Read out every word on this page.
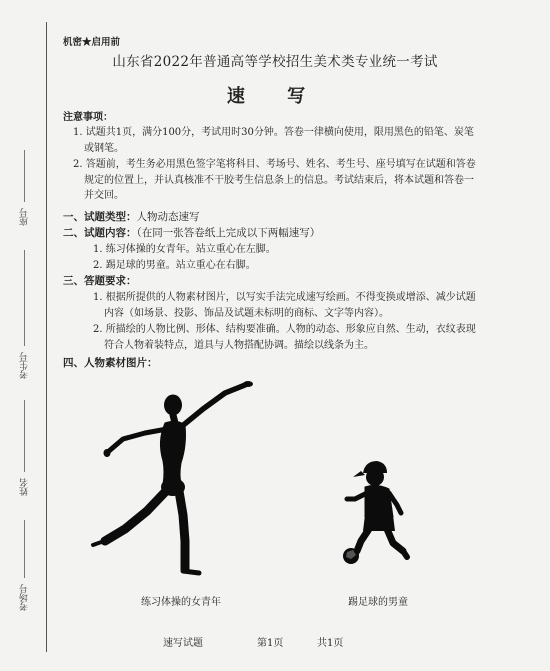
座号
考生号
姓名
考场号
机密★启用前
山东省2022年普通高等学校招生美术类专业统一考试
速 写
注意事项：
1. 试题共1页，满分100分，考试用时30分钟。答卷一律横向使用，限用黑色的铅笔、炭笔或钢笔。
2. 答题前，考生务必用黑色签字笔将科目、考场号、姓名、考生号、座号填写在试题和答卷规定的位置上，并认真核准不干胶考生信息条上的信息。考试结束后，将本试题和答卷一并交回。
一、试题类型：人物动态速写
二、试题内容：（在同一张答卷纸上完成以下两幅速写）
1. 练习体操的女青年。站立重心在左脚。
2. 踢足球的男童。站立重心在右脚。
三、答题要求：
1. 根据所提供的人物素材图片，以写实手法完成速写绘画。不得变换或增添、减少试题内容（如场景、投影、饰品及试题未标明的商标、文字等内容）。
2. 所描绘的人物比例、形体、结构要准确。人物的动态、形象应自然、生动，衣纹表现符合人物着装特点，道具与人物搭配协调。描绘以线条为主。
四、人物素材图片：
练习体操的女青年	踢足球的男童
速写试题	第1页	共1页
